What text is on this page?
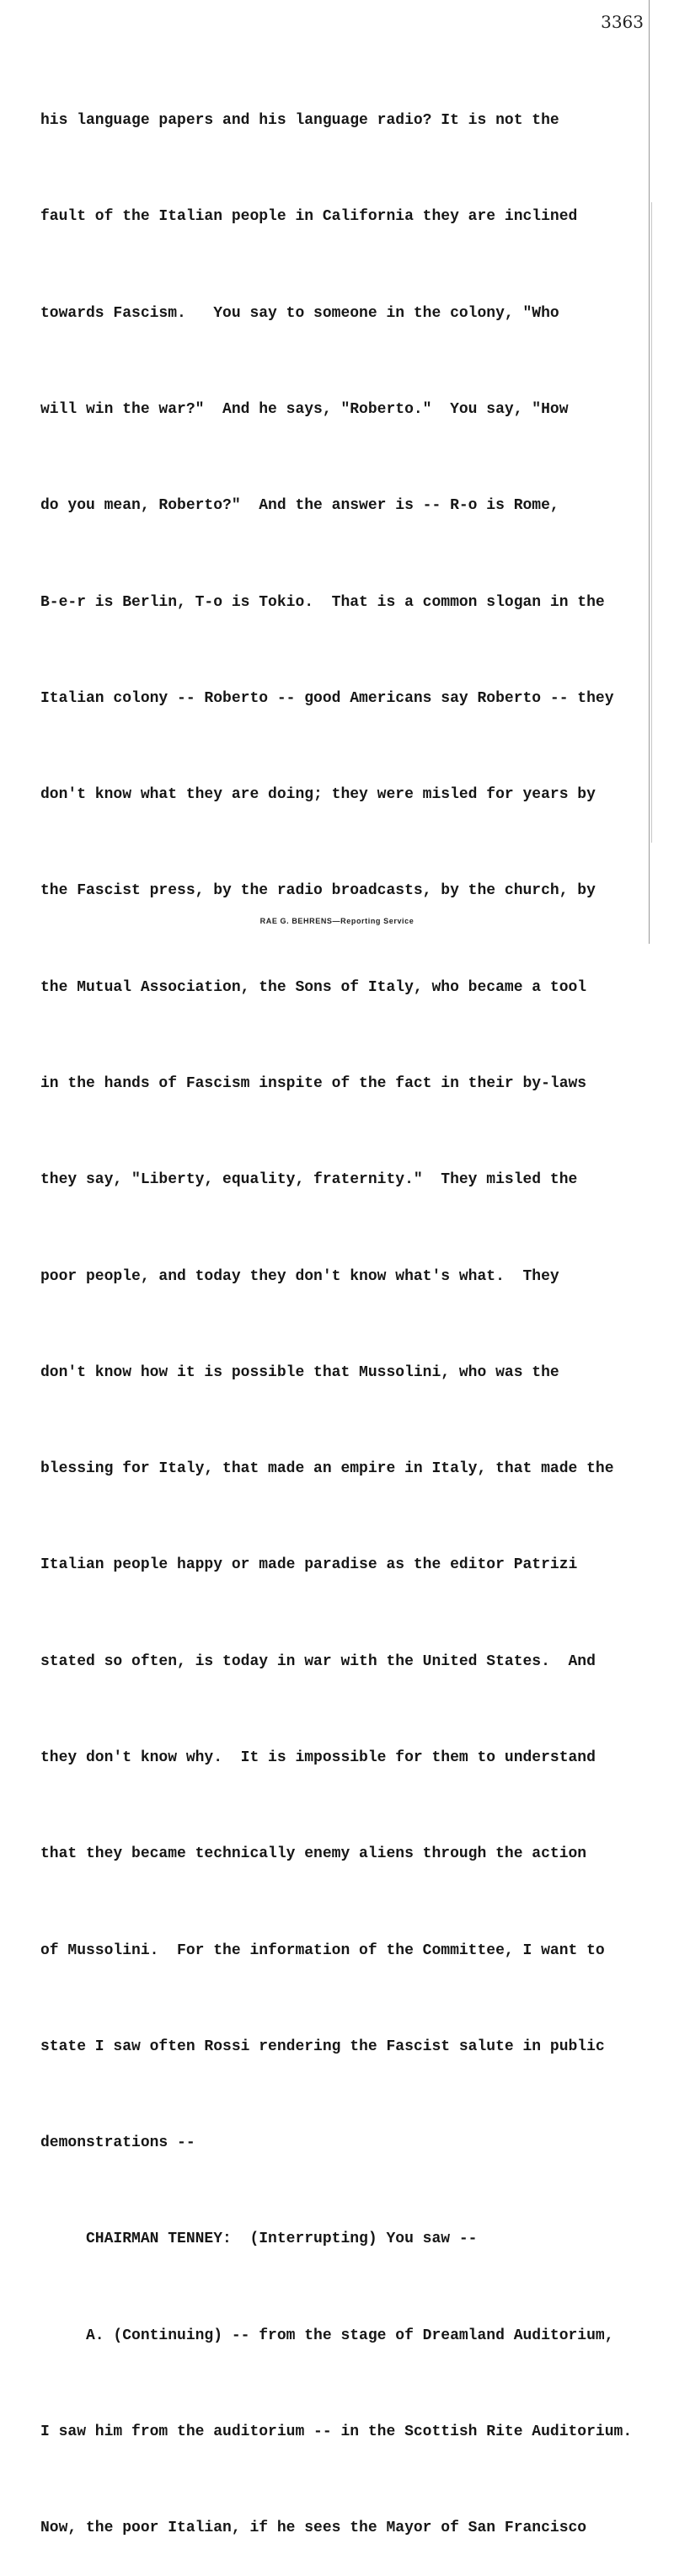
3363

his language papers and his language radio? It is not the

fault of the Italian people in California they are inclined

towards Fascism.   You say to someone in the colony, "Who

will win the war?"  And he says, "Roberto."  You say, "How

do you mean, Roberto?"  And the answer is -- R-o is Rome,

B-e-r is Berlin, T-o is Tokio.  That is a common slogan in the

Italian colony -- Roberto -- good Americans say Roberto -- they

don't know what they are doing; they were misled for years by

the Fascist press, by the radio broadcasts, by the church, by

the Mutual Association, the Sons of Italy, who became a tool

in the hands of Fascism inspite of the fact in their by-laws

they say, "Liberty, equality, fraternity."  They misled the

poor people, and today they don't know what's what.  They

don't know how it is possible that Mussolini, who was the

blessing for Italy, that made an empire in Italy, that made the

Italian people happy or made paradise as the editor Patrizi

stated so often, is today in war with the United States.  And

they don't know why.  It is impossible for them to understand

that they became technically enemy aliens through the action

of Mussolini.  For the information of the Committee, I want to

state I saw often Rossi rendering the Fascist salute in public

demonstrations --

CHAIRMAN TENNEY:  (Interrupting) You saw --

A. (Continuing) -- from the stage of Dreamland Auditorium,

I saw him from the auditorium -- in the Scottish Rite Auditorium.

Now, the poor Italian, if he sees the Mayor of San Francisco

RAE G. BEHRENS—Reporting Service
